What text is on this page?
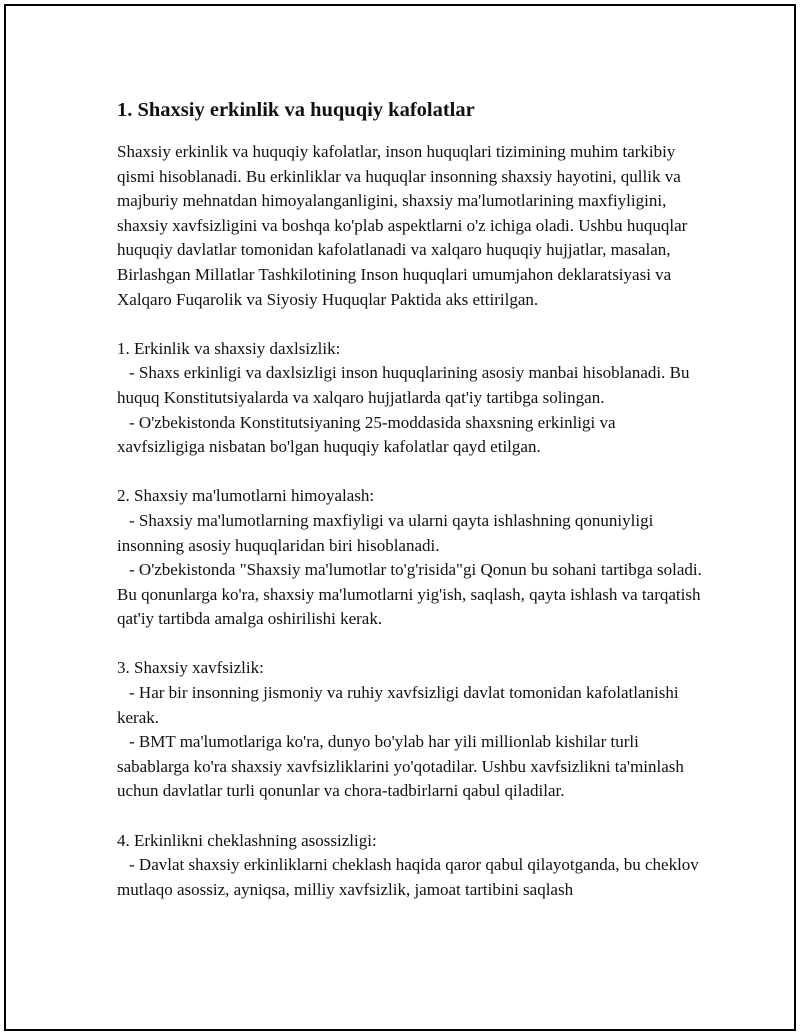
1. Shaxsiy erkinlik va huquqiy kafolatlar

Shaxsiy erkinlik va huquqiy kafolatlar, inson huquqlari tizimining muhim tarkibiy qismi hisoblanadi. Bu erkinliklar va huquqlar insonning shaxsiy hayotini, qullik va majburiy mehnatdan himoyalanganligini, shaxsiy ma'lumotlarining maxfiyligini, shaxsiy xavfsizligini va boshqa ko'plab aspektlarni o'z ichiga oladi. Ushbu huquqlar huquqiy davlatlar tomonidan kafolatlanadi va xalqaro huquqiy hujjatlar, masalan, Birlashgan Millatlar Tashkilotining Inson huquqlari umumjahon deklaratsiyasi va Xalqaro Fuqarolik va Siyosiy Huquqlar Paktida aks ettirilgan.

1. Erkinlik va shaxsiy daxlsizlik:

- Shaxs erkinligi va daxlsizligi inson huquqlarining asosiy manbai hisoblanadi. Bu huquq Konstitutsiyalarda va xalqaro hujjatlarda qat'iy tartibga solingan.

- O'zbekistonda Konstitutsiyaning 25-moddasida shaxsning erkinligi va xavfsizligiga nisbatan bo'lgan huquqiy kafolatlar qayd etilgan.

2. Shaxsiy ma'lumotlarni himoyalash:

- Shaxsiy ma'lumotlarning maxfiyligi va ularni qayta ishlashning qonuniyligi insonning asosiy huquqlaridan biri hisoblanadi.

- O'zbekistonda "Shaxsiy ma'lumotlar to'g'risida"gi Qonun bu sohani tartibga soladi. Bu qonunlarga ko'ra, shaxsiy ma'lumotlarni yig'ish, saqlash, qayta ishlash va tarqatish qat'iy tartibda amalga oshirilishi kerak.

3. Shaxsiy xavfsizlik:

- Har bir insonning jismoniy va ruhiy xavfsizligi davlat tomonidan kafolatlanishi kerak.

- BMT ma'lumotlariga ko'ra, dunyo bo'ylab har yili millionlab kishilar turli sabablarga ko'ra shaxsiy xavfsizliklarini yo'qotadilar. Ushbu xavfsizlikni ta'minlash uchun davlatlar turli qonunlar va chora-tadbirlarni qabul qiladilar.

4. Erkinlikni cheklashning asossizligi:

- Davlat shaxsiy erkinliklarni cheklash haqida qaror qabul qilayotganda, bu cheklov mutlaqo asossiz, ayniqsa, milliy xavfsizlik, jamoat tartibini saqlash
